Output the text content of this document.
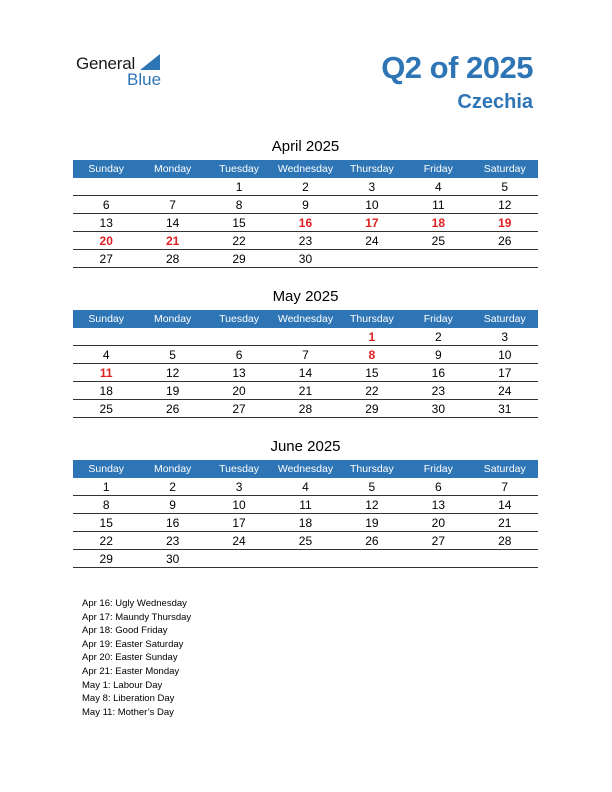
General
Blue	Q2 of 2025
Czechia
April 2025
Sunday	Monday	Tuesday	Wednesday	Thursday	Friday	Saturday
		1	2	3	4	5
6	7	8	9	10	11	12
13	14	15	16	17	18	19
20	21	22	23	24	25	26
27	28	29	30			
May 2025
Sunday	Monday	Tuesday	Wednesday	Thursday	Friday	Saturday
				1	2	3
4	5	6	7	8	9	10
11	12	13	14	15	16	17
18	19	20	21	22	23	24
25	26	27	28	29	30	31
June 2025
Sunday	Monday	Tuesday	Wednesday	Thursday	Friday	Saturday
1	2	3	4	5	6	7
8	9	10	11	12	13	14
15	16	17	18	19	20	21
22	23	24	25	26	27	28
29	30					
Apr 16: Ugly Wednesday
Apr 17: Maundy Thursday
Apr 18: Good Friday
Apr 19: Easter Saturday
Apr 20: Easter Sunday
Apr 21: Easter Monday
May 1: Labour Day
May 8: Liberation Day
May 11: Mother’s Day
